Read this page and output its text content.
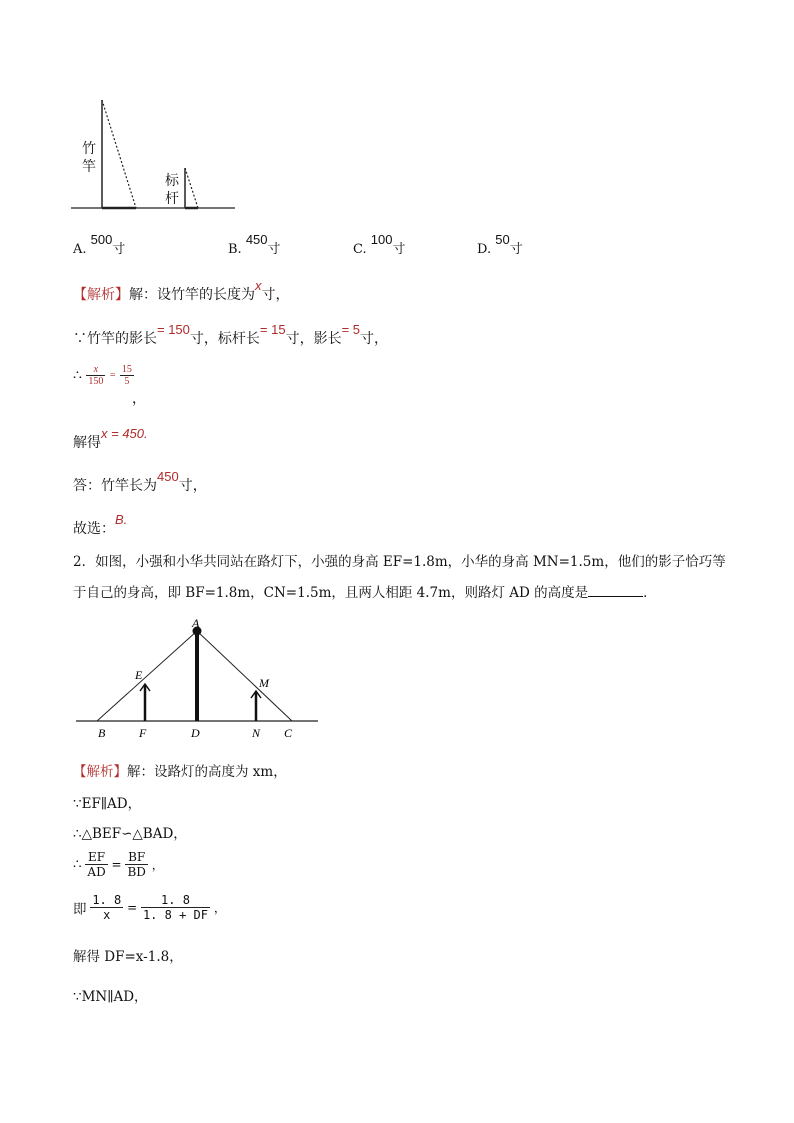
竹竿
标杆
A. 500寸	B. 450寸	C. 100寸	D. 50寸
【解析】解：设竹竿的长度为x寸，
∵竹竿的影长= 150寸，标杆长= 15寸，影长= 5寸，
∴ $\frac{x}{150} = \frac{15}{5}$
，
解得x = 450.
答：竹竿长为450寸，
故选：B.
2．如图，小强和小华共同站在路灯下，小强的身高 EF=1.8m，小华的身高 MN=1.5m，他们的影子恰巧等
于自己的身高，即 BF=1.8m，CN=1.5m，且两人相距 4.7m，则路灯 AD 的高度是	．
A
E
M
B	F	D	N C
【解析】解：设路灯的高度为 xm，
∵EF∥AD，
∴△BEF∽△BAD，
∴ $\frac{EF}{AD} = \frac{BF}{BD}$ ，
即 $\frac{1. 8}{x} = \frac{1. 8}{1. 8 + DF}$ ，
解得 DF=x-1.8，
∵MN∥AD，
